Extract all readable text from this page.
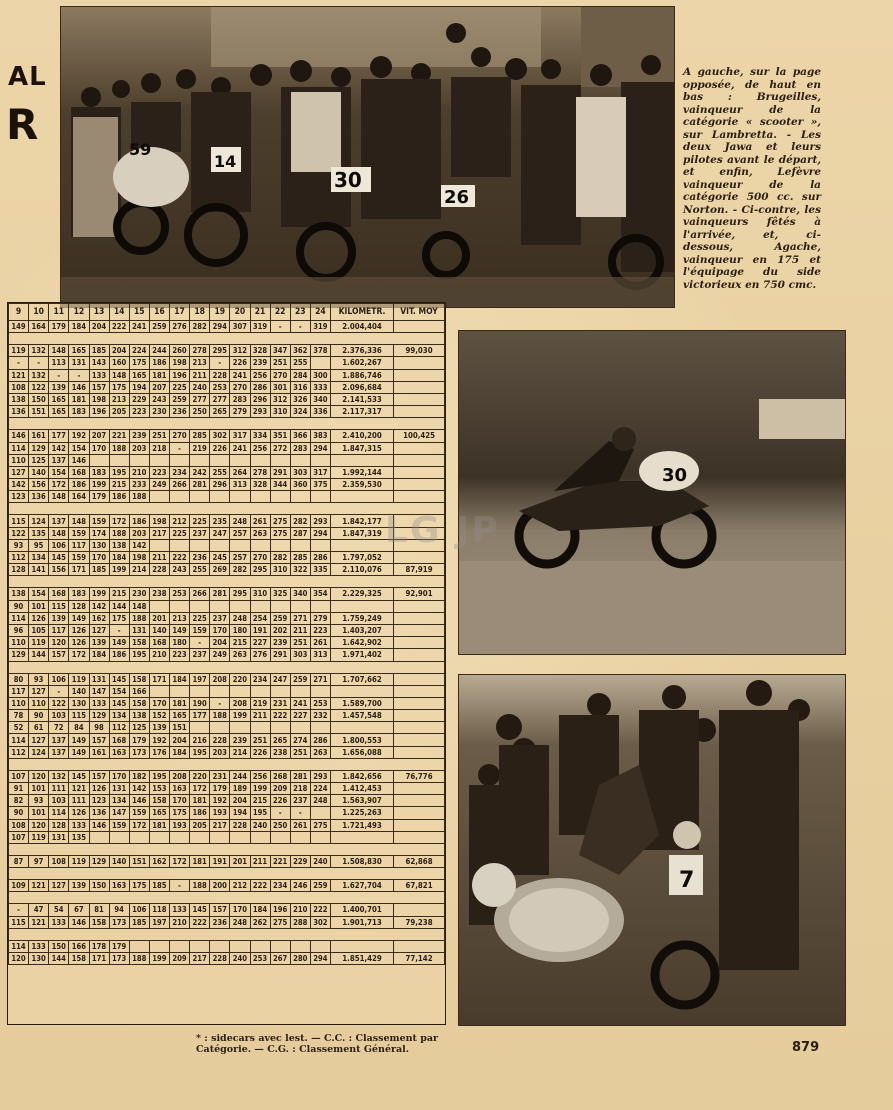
AL
R
59
14
30
26
A gauche, sur la page opposée, de haut en bas : Brugeilles, vainqueur de la catégorie « scooter », sur Lambretta. - Les deux Jawa et leurs pilotes avant le départ, et enfin, Lefèvre vainqueur de la catégorie 500 cc. sur Norton. - Ci-contre, les vainqueurs fêtés à l'arrivée, et, ci-dessous, Agache, vainqueur en 175 et l'équipage du side victorieux en 750 cmc.
9	10	11	12	13	14	15	16	17	18	19	20	21	22	23	24	KILOMETR.	VIT. MOY
149	164	179	184	204	222	241	259	276	282	294	307	319	-	-	319	2.004,404	

119	132	148	165	185	204	224	244	260	278	295	312	328	347	362	378	2.376,336	99,030
-	-	113	131	143	160	175	186	198	213	-	226	239	251	255		1.602,267	
121	132	-	-	133	148	165	181	196	211	228	241	256	270	284	300	1.886,746	
108	122	139	146	157	175	194	207	225	240	253	270	286	301	316	333	2.096,684	
138	150	165	181	198	213	229	243	259	277	277	283	296	312	326	340	2.141,533	
136	151	165	183	196	205	223	230	236	250	265	279	293	310	324	336	2.117,317	

146	161	177	192	207	221	239	251	270	285	302	317	334	351	366	383	2.410,200	100,425
114	129	142	154	170	188	203	218	-	219	226	241	256	272	283	294	1.847,315	
110	125	137	146														
127	140	154	168	183	195	210	223	234	242	255	264	278	291	303	317	1.992,144	
142	156	172	186	199	215	233	249	266	281	296	313	328	344	360	375	2.359,530	
123	136	148	164	179	186	188											

115	124	137	148	159	172	186	198	212	225	235	248	261	275	282	293	1.842,177	
122	135	148	159	174	188	203	217	225	237	247	257	263	275	287	294	1.847,319	
93	95	106	117	130	138	142											
112	134	145	159	170	184	198	211	222	236	245	257	270	282	285	286	1.797,052	
128	141	156	171	185	199	214	228	243	255	269	282	295	310	322	335	2.110,076	87,919

138	154	168	183	199	215	230	238	253	266	281	295	310	325	340	354	2.229,325	92,901
90	101	115	128	142	144	148											
114	126	139	149	162	175	188	201	213	225	237	248	254	259	271	279	1.759,249	
96	105	117	126	127	-	131	140	149	159	170	180	191	202	211	223	1.403,207	
110	119	120	126	139	149	158	168	180	-	204	215	227	239	251	261	1.642,902	
129	144	157	172	184	186	195	210	223	237	249	263	276	291	303	313	1.971,402	

80	93	106	119	131	145	158	171	184	197	208	220	234	247	259	271	1.707,662	
117	127	-	140	147	154	166											
110	110	122	130	133	145	158	170	181	190	-	208	219	231	241	253	1.589,700	
78	90	103	115	129	134	138	152	165	177	188	199	211	222	227	232	1.457,548	
52	61	72	84	98	112	125	139	151									
114	127	137	149	157	168	179	192	204	216	228	239	251	265	274	286	1.800,553	
112	124	137	149	161	163	173	176	184	195	203	214	226	238	251	263	1.656,088	

107	120	132	145	157	170	182	195	208	220	231	244	256	268	281	293	1.842,656	76,776
91	101	111	121	126	131	142	153	163	172	179	189	199	209	218	224	1.412,453	
82	93	103	111	123	134	146	158	170	181	192	204	215	226	237	248	1.563,907	
90	101	114	126	136	147	159	165	175	186	193	194	195	-	-		1.225,263	
108	120	128	133	146	159	172	181	193	205	217	228	240	250	261	275	1.721,493	
107	119	131	135														

87	97	108	119	129	140	151	162	172	181	191	201	211	221	229	240	1.508,830	62,868

109	121	127	139	150	163	175	185	-	188	200	212	222	234	246	259	1.627,704	67,821

-	47	54	67	81	94	106	118	133	145	157	170	184	196	210	222	1.400,701	
115	121	133	146	158	173	185	197	210	222	236	248	262	275	288	302	1.901,713	79,238

114	133	150	166	178	179												
120	130	144	158	171	173	188	199	209	217	228	240	253	267	280	294	1.851,429	77,142
30
7
LG JP
* : sidecars avec lest. — C.C. : Classement par Catégorie. — C.G. : Classement Général.	879
